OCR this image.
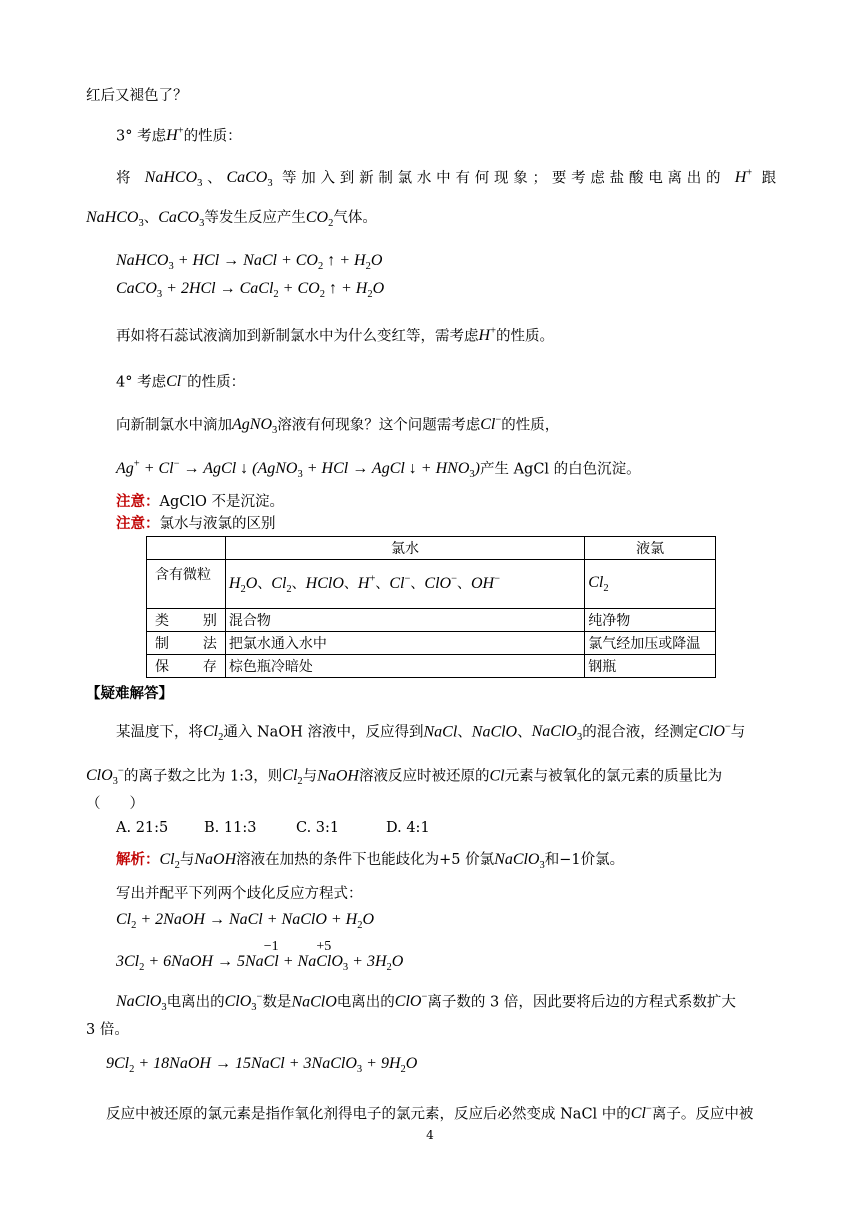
红后又褪色了？
3° 考虑H+的性质：
将 NaHCO$_3$、CaCO$_3$ 等加入到新制氯水中有何现象；要考虑盐酸电离出的 H+ 跟
NaHCO$_3$、CaCO$_3$等发生反应产生$CO_2$气体。
NaHCO$_3$ + HCl → NaCl + $CO_2$ ↑ + $H_2O$
CaCO$_3$ + 2HCl → CaCl$_2$ + $CO_2$ ↑ + $H_2O$
再如将石蕊试液滴加到新制氯水中为什么变红等，需考虑H+的性质。
4° 考虑Cl−的性质：
向新制氯水中滴加AgNO$_3$溶液有何现象？这个问题需考虑Cl−的性质，
Ag+ + Cl− → AgCl ↓ (AgNO$_3$ + HCl → AgCl ↓ + $HNO_3$)产生 AgCl 的白色沉淀。
注意：AgClO 不是沉淀。
注意：氯水与液氯的区别
	氯水	液氯
含有微粒	$H_2O$、$Cl_2$、HClO、H+、Cl−、ClO−、OH−	$Cl_2$
类别	混合物	纯净物
制法	把氯水通入水中	氯气经加压或降温
保存	棕色瓶冷暗处	钢瓶
【疑难解答】
某温度下，将$Cl_2$通入 NaOH 溶液中，反应得到NaCl、NaClO、NaClO$_3$的混合液，经测定ClO−与
ClO$_3$−的离子数之比为 1:3，则$Cl_2$与NaOH溶液反应时被还原的Cl元素与被氧化的氯元素的质量比为
（　　）
A. 21:5 B. 11:3	C. 3:1	D. 4:1
解析：$Cl_2$与NaOH溶液在加热的条件下也能歧化为+5 价氯NaClO$_3$和−1价氯。
写出并配平下列两个歧化反应方程式：
$Cl_2$ + 2NaOH → NaCl + NaClO + $H_2O$
$3Cl_2$ + 6NaOH → 5NaCl
−1
+ NaCl
+5
$O_3 + 3H_2O$
NaClO$_3$电离出的ClO$_3$−数是NaClO电离出的ClO−离子数的 3 倍，因此要将后边的方程式系数扩大
3 倍。
$9Cl_2$ + 18NaOH → 15NaCl + 3NaClO$_3$ + $9H_2O$
反应中被还原的氯元素是指作氧化剂得电子的氯元素，反应后必然变成 NaCl 中的Cl−离子。反应中被
4
